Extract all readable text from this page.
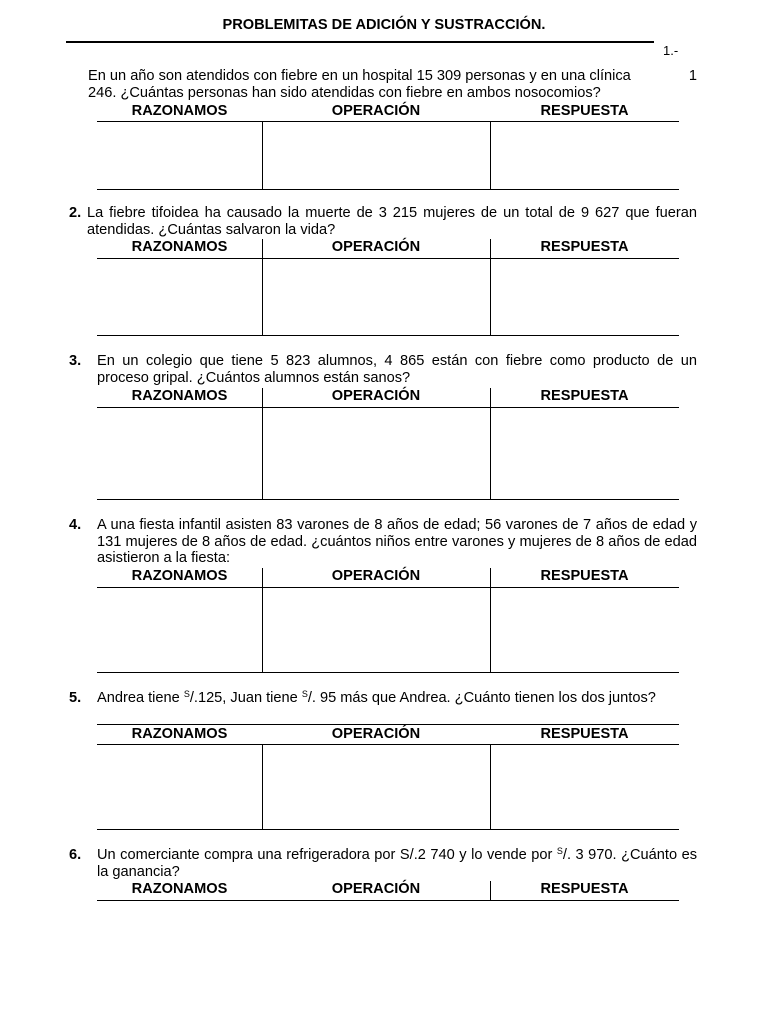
PROBLEMITAS DE ADICIÓN Y SUSTRACCIÓN.
1.-
En un año son atendidos con fiebre en un hospital 15 309 personas y en una clínica	1
246. ¿Cuántas personas han sido atendidas con fiebre en ambos nosocomios?
RAZONAMOS	OPERACIÓN	RESPUESTA
2. La fiebre tifoidea ha causado la muerte de 3 215 mujeres de un total de 9 627 que fueran atendidas. ¿Cuántas salvaron la vida?
RAZONAMOS	OPERACIÓN	RESPUESTA
3. En un colegio que tiene 5 823 alumnos, 4 865 están con fiebre como producto de un proceso gripal. ¿Cuántos alumnos están sanos?
RAZONAMOS	OPERACIÓN	RESPUESTA
4. A una fiesta infantil asisten 83 varones de 8 años de edad; 56 varones de 7 años de edad y 131 mujeres de 8 años de edad. ¿cuántos niños entre varones y mujeres de 8 años de edad asistieron a la fiesta:
RAZONAMOS	OPERACIÓN	RESPUESTA
5. Andrea tiene $^S$/.125, Juan tiene $^S$/. 95 más que Andrea. ¿Cuánto tienen los dos juntos?
RAZONAMOS	OPERACIÓN	RESPUESTA
6. Un comerciante compra una refrigeradora por S/.2 740 y lo vende por $^S$/. 3 970. ¿Cuánto es la ganancia?
RAZONAMOS	OPERACIÓN	RESPUESTA
